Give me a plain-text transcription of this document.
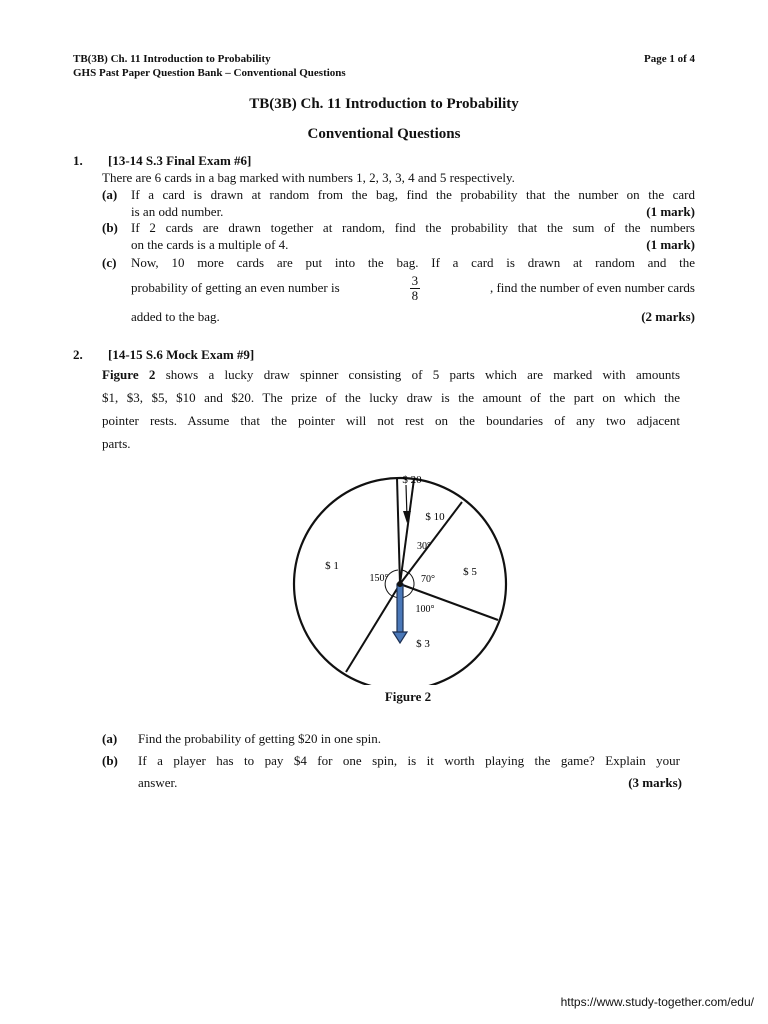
TB(3B) Ch. 11 Introduction to Probability
GHS Past Paper Question Bank – Conventional Questions
Page 1 of 4
TB(3B) Ch. 11 Introduction to Probability
Conventional Questions
1. [13-14 S.3 Final Exam #6]
There are 6 cards in a bag marked with numbers 1, 2, 3, 3, 4 and 5 respectively.
(a) If a card is drawn at random from the bag, find the probability that the number on the card
is an odd number.	(1 mark)
(b) If 2 cards are drawn together at random, find the probability that the sum of the numbers
on the cards is a multiple of 4.	(1 mark)
(c) Now, 10 more cards are put into the bag. If a card is drawn at random and the
probability of getting an even number is	$\frac{3}{8}$	, find the number of even number cards
added to the bag.	(2 marks)
2. [14-15 S.6 Mock Exam #9]
Figure 2 shows a lucky draw spinner consisting of 5 parts which are marked with amounts
$1, $3, $5, $10 and $20. The prize of the lucky draw is the amount of the part on which the
pointer rests. Assume that the pointer will not rest on the boundaries of any two adjacent
parts.
$ 20
$ 10
$ 1	$ 5
$ 3
30°
150°	70°
100°
Figure 2
(a) Find the probability of getting $20 in one spin.
(b) If a player has to pay $4 for one spin, is it worth playing the game? Explain your
answer.	(3 marks)
https://www.study-together.com/edu/
